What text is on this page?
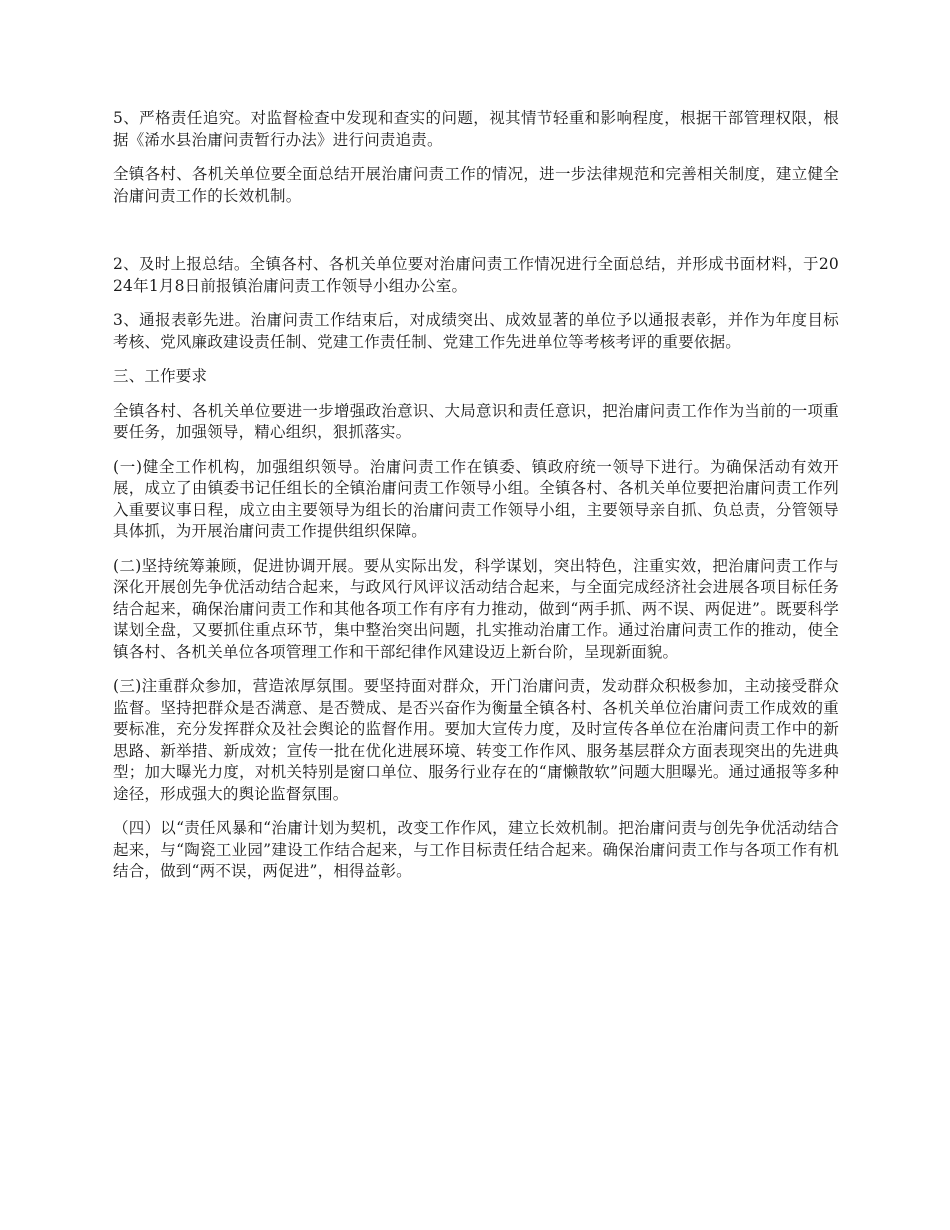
5、严格责任追究。对监督检查中发现和查实的问题，视其情节轻重和影响程度，根据干部管理权限，根据《浠水县治庸问责暂行办法》进行问责追责。

全镇各村、各机关单位要全面总结开展治庸问责工作的情况，进一步法律规范和完善相关制度，建立健全治庸问责工作的长效机制。

2、及时上报总结。全镇各村、各机关单位要对治庸问责工作情况进行全面总结，并形成书面材料，于2024年1月8日前报镇治庸问责工作领导小组办公室。

3、通报表彰先进。治庸问责工作结束后，对成绩突出、成效显著的单位予以通报表彰，并作为年度目标考核、党风廉政建设责任制、党建工作责任制、党建工作先进单位等考核考评的重要依据。

三、工作要求

全镇各村、各机关单位要进一步增强政治意识、大局意识和责任意识，把治庸问责工作作为当前的一项重要任务，加强领导，精心组织，狠抓落实。

(一)健全工作机构，加强组织领导。治庸问责工作在镇委、镇政府统一领导下进行。为确保活动有效开展，成立了由镇委书记任组长的全镇治庸问责工作领导小组。全镇各村、各机关单位要把治庸问责工作列入重要议事日程，成立由主要领导为组长的治庸问责工作领导小组，主要领导亲自抓、负总责，分管领导具体抓，为开展治庸问责工作提供组织保障。

(二)坚持统筹兼顾，促进协调开展。要从实际出发，科学谋划，突出特色，注重实效，把治庸问责工作与深化开展创先争优活动结合起来，与政风行风评议活动结合起来，与全面完成经济社会进展各项目标任务结合起来，确保治庸问责工作和其他各项工作有序有力推动，做到“两手抓、两不误、两促进”。既要科学谋划全盘，又要抓住重点环节，集中整治突出问题，扎实推动治庸工作。通过治庸问责工作的推动，使全镇各村、各机关单位各项管理工作和干部纪律作风建设迈上新台阶，呈现新面貌。

(三)注重群众参加，营造浓厚氛围。要坚持面对群众，开门治庸问责，发动群众积极参加，主动接受群众监督。坚持把群众是否满意、是否赞成、是否兴奋作为衡量全镇各村、各机关单位治庸问责工作成效的重要标准，充分发挥群众及社会舆论的监督作用。要加大宣传力度，及时宣传各单位在治庸问责工作中的新思路、新举措、新成效；宣传一批在优化进展环境、转变工作作风、服务基层群众方面表现突出的先进典型；加大曝光力度，对机关特别是窗口单位、服务行业存在的“庸懒散软”问题大胆曝光。通过通报等多种途径，形成强大的舆论监督氛围。

（四）以“责任风暴和“治庸计划为契机，改变工作作风，建立长效机制。把治庸问责与创先争优活动结合起来，与“陶瓷工业园”建设工作结合起来，与工作目标责任结合起来。确保治庸问责工作与各项工作有机结合，做到“两不误，两促进”，相得益彰。
